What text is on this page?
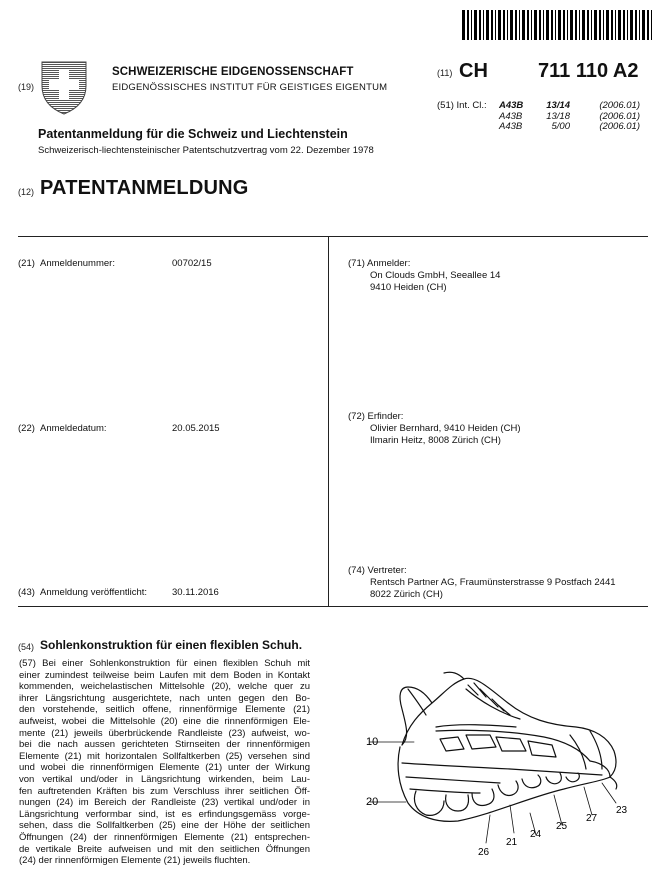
(19)
SCHWEIZERISCHE EIDGENOSSENSCHAFT
EIDGENÖSSISCHES INSTITUT FÜR GEISTIGES EIGENTUM
(11) CH	711 110 A2
(51) Int. Cl.: A43B 13/14	(2006.01)
A43B	13/18	(2006.01)
A43B	5/00	(2006.01)
Patentanmeldung für die Schweiz und Liechtenstein
Schweizerisch-liechtensteinischer Patentschutzvertrag vom 22. Dezember 1978
(12) PATENTANMELDUNG
(21) Anmeldenummer:	00702/15
(22) Anmeldedatum:	20.05.2015
(43) Anmeldung veröffentlicht:	30.11.2016
(71) Anmelder:
On Clouds GmbH, Seeallee 14
9410 Heiden (CH)
(72) Erfinder:
Olivier Bernhard, 9410 Heiden (CH)
Ilmarin Heitz, 8008 Zürich (CH)
(74) Vertreter:
Rentsch Partner AG, Fraumünsterstrasse 9 Postfach 2441
8022 Zürich (CH)
(54) Sohlenkonstruktion für einen flexiblen Schuh.
(57) Bei einer Sohlenkonstruktion für einen flexiblen Schuh mit
einer zumindest teilweise beim Laufen mit dem Boden in Kontakt
kommenden, weichelastischen Mittelsohle (20), welche quer zu
ihrer Längsrichtung ausgerichtete, nach unten gegen den Bo-
den vorstehende, seitlich offene, rinnenförmige Elemente (21)
aufweist, wobei die Mittelsohle (20) eine die rinnenförmigen Ele-
mente (21) jeweils überbrückende Randleiste (23) aufweist, wo-
bei die nach aussen gerichteten Stirnseiten der rinnenförmigen
Elemente (21) mit horizontalen Sollfaltkerben (25) versehen sind
und wobei die rinnenförmigen Elemente (21) unter der Wirkung
von vertikal und/oder in Längsrichtung wirkenden, beim Lau-
fen auftretenden Kräften bis zum Verschluss ihrer seitlichen Öff-
nungen (24) im Bereich der Randleiste (23) vertikal und/oder in
Längsrichtung verformbar sind, ist es erfindungsgemäss vorge-
sehen, dass die Sollfaltkerben (25) eine der Höhe der seitlichen
Öffnungen (24) der rinnenförmigen Elemente (21) entsprechen-
de vertikale Breite aufweisen und mit den seitlichen Öffnungen
(24) der rinnenförmigen Elemente (21) jeweils fluchten.
10
20
26
21
24
25
27
23
